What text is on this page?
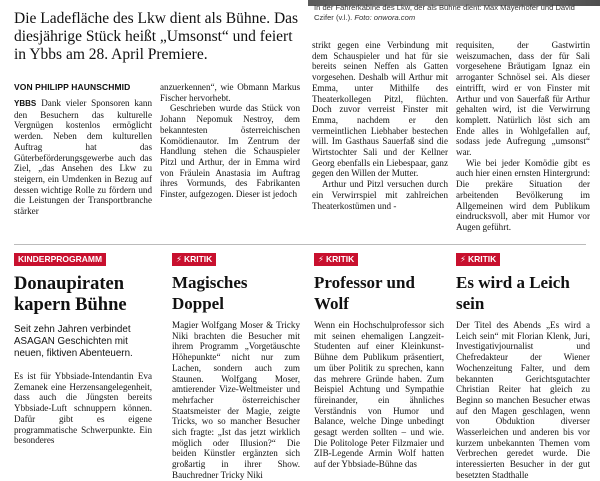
Die Ladefläche des Lkw dient als Bühne. Das diesjährige Stück heißt „Umsonst“ und feiert in Ybbs am 28. April Premiere.
In der Fahrerkabine des Lkw, der als Bühne dient: Max Mayerhofer und David Czifer (v.l.). Foto: onwora.com
VON PHILIPP HAUNSCHMID

YBBS Dank vieler Sponsoren kann den Besuchern das kulturelle Vergnügen kostenlos ermöglicht werden. Neben dem kulturellen Auftrag hat das Güterbeförderungsgewerbe auch das Ziel, „das Ansehen des Lkw zu steigern, ein Umdenken in Bezug auf dessen wichtige Rolle zu fördern und die Leistungen der Transportbranche stärker

anzuerkennen“, wie Obmann Markus Fischer hervorhebt.

Geschrieben wurde das Stück von Johann Nepomuk Nestroy, dem bekanntesten österreichischen Komödienautor. Im Zentrum der Handlung stehen die Schauspieler Pitzl und Arthur, der in Emma wird von Fräulein Anastasia im Auftrag ihres Vormunds, des Fabrikanten Finster, aufgezogen. Dieser ist jedoch

strikt gegen eine Verbindung mit dem Schauspieler und hat für sie bereits seinen Neffen als Gatten vorgesehen. Deshalb will Arthur mit Emma, unter Mithilfe des Theaterkollegen Pitzl, flüchten. Doch zuvor verreist Finster mit Emma, nachdem er den vermeintlichen Liebhaber bestechen will. Im Gasthaus Sauerfaß sind die Wirtstochter Sali und der Kellner Georg ebenfalls ein Liebespaar, ganz gegen den Willen der Mutter.

Arthur und Pitzl versuchen durch ein Verwirrspiel mit zahlreichen Theaterkostümen und -

requisiten, der Gastwirtin weiszumachen, dass der für Sali vorgesehene Bräutigam Ignaz ein arroganter Schnösel sei. Als dieser eintrifft, wird er von Finster mit Arthur und von Sauerfaß für Arthur gehalten wird, ist die Verwirrung komplett. Natürlich löst sich am Ende alles in Wohlgefallen auf, sodass jede Aufregung „umsonst“ war.

Wie bei jeder Komödie gibt es auch hier einen ernsten Hintergrund: Die prekäre Situation der arbeitenden Bevölkerung im Allgemeinen wird dem Publikum eindrucksvoll, aber mit Humor vor Augen geführt.

KINDERPROGRAMM
Donaupiraten kapern Bühne
Seit zehn Jahren verbindet ASAGAN Geschichten mit neuen, fiktiven Abenteuern.
Es ist für Ybbsiade-Intendantin Eva Zemanek eine Herzensangelegenheit, dass auch die Jüngsten bereits Ybbsiade-Luft schnuppern können. Dafür gibt es eigene programmatische Schwerpunkte. Ein besonderes
⚡ KRITIK
Magisches Doppel
Magier Wolfgang Moser & Tricky Niki brachten die Besucher mit ihrem Programm „Vorgetäuschte Höhepunkte“ nicht nur zum Lachen, sondern auch zum Staunen. Wolfgang Moser, amtierender Vize-Weltmeister und mehrfacher österreichischer Staatsmeister der Magie, zeigte Tricks, wo so mancher Besucher sich fragte: „Ist das jetzt wirklich möglich oder Illusion?“ Die beiden Künstler ergänzten sich großartig in ihrer Show. Bauchredner Tricky Niki
⚡ KRITIK
Professor und Wolf
Wenn ein Hochschulprofessor sich mit seinen ehemaligen Langzeit-Studenten auf einer Kleinkunst-Bühne dem Publikum präsentiert, um über Politik zu sprechen, kann das mehrere Gründe haben. Zum Beispiel Achtung und Sympathie füreinander, ein ähnliches Verständnis von Humor und Balance, welche Dinge unbedingt gesagt werden sollten – und wie. Die Politologe Peter Filzmaier und ZIB-Legende Armin Wolf hatten auf der Ybbsiade-Bühne das
⚡ KRITIK
Es wird a Leich sein
Der Titel des Abends „Es wird a Leich sein“ mit Florian Klenk, Juri, Investigativjournalist und Chefredakteur der Wiener Wochenzeitung Falter, und dem bekannten Gerichtsgutachter Christian Reiter hat gleich zu Beginn so manchen Besucher etwas auf den Magen geschlagen, wenn von Obduktion diverser Wasserleichen und anderen bis vor kurzem unbekannten Themen vom Verbrechen geredet wurde. Die interessierten Besucher in der gut besetzten Stadthalle
